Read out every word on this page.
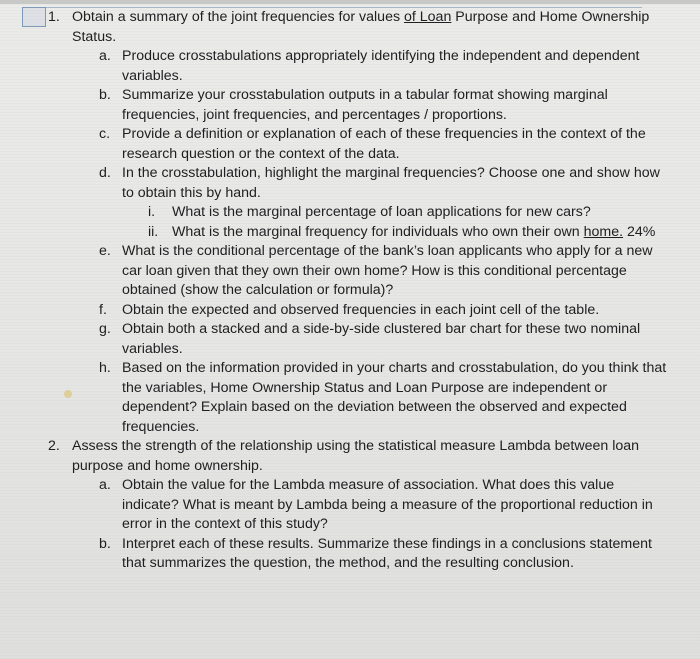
1. Obtain a summary of the joint frequencies for values of Loan Purpose and Home Ownership Status.
a. Produce crosstabulations appropriately identifying the independent and dependent variables.
b. Summarize your crosstabulation outputs in a tabular format showing marginal frequencies, joint frequencies, and percentages / proportions.
c. Provide a definition or explanation of each of these frequencies in the context of the research question or the context of the data.
d. In the crosstabulation, highlight the marginal frequencies? Choose one and show how to obtain this by hand.
i. What is the marginal percentage of loan applications for new cars?
ii. What is the marginal frequency for individuals who own their own home. 24%
e. What is the conditional percentage of the bank’s loan applicants who apply for a new car loan given that they own their own home? How is this conditional percentage obtained (show the calculation or formula)?
f. Obtain the expected and observed frequencies in each joint cell of the table.
g. Obtain both a stacked and a side-by-side clustered bar chart for these two nominal variables.
h. Based on the information provided in your charts and crosstabulation, do you think that the variables, Home Ownership Status and Loan Purpose are independent or dependent? Explain based on the deviation between the observed and expected frequencies.
2. Assess the strength of the relationship using the statistical measure Lambda between loan purpose and home ownership.
a. Obtain the value for the Lambda measure of association. What does this value indicate? What is meant by Lambda being a measure of the proportional reduction in error in the context of this study?
b. Interpret each of these results. Summarize these findings in a conclusions statement that summarizes the question, the method, and the resulting conclusion.
